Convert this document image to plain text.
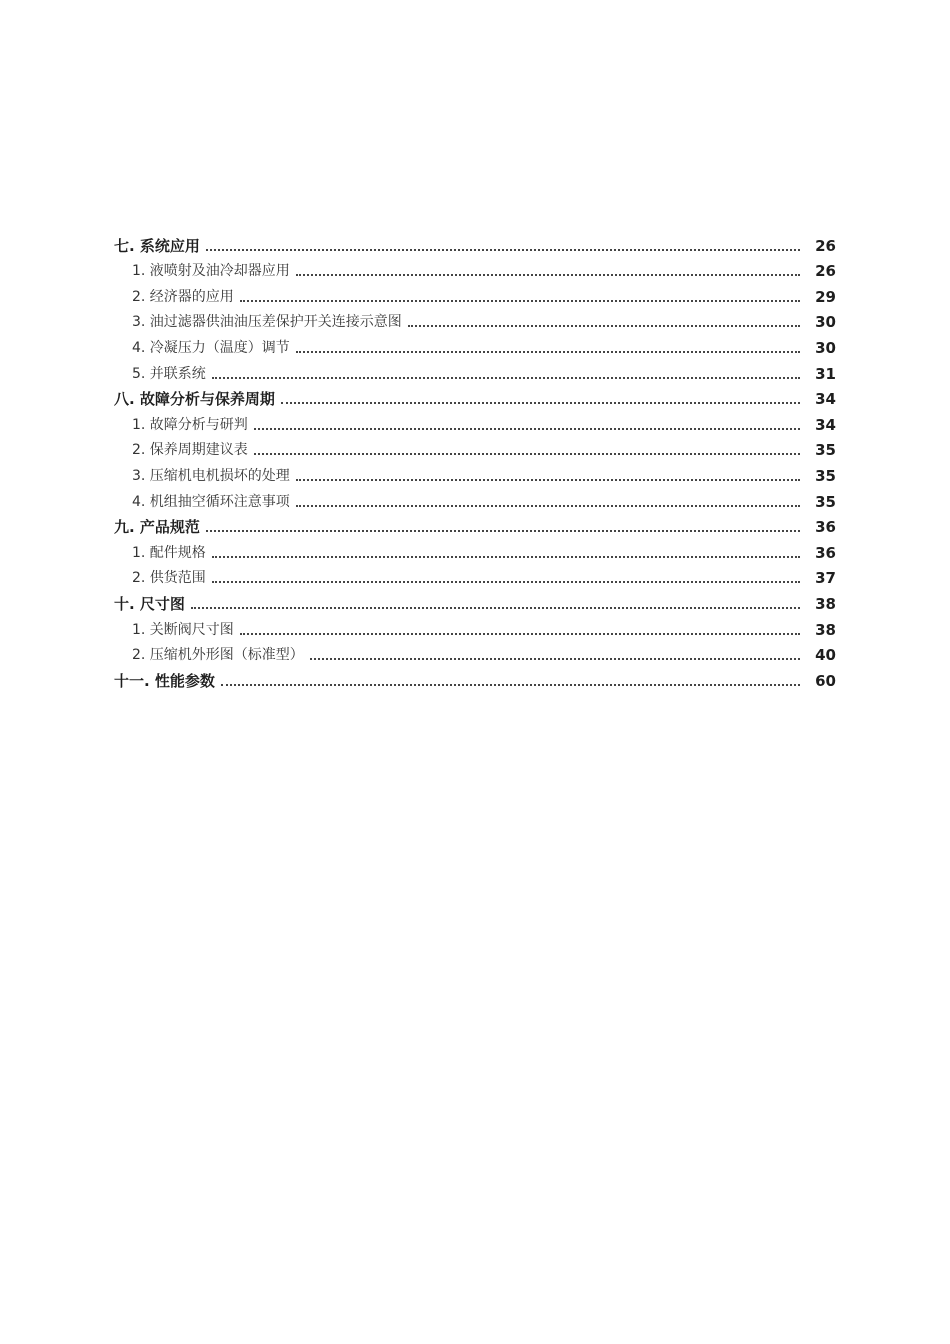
七. 系统应用	26
1. 液喷射及油冷却器应用	26
2. 经济器的应用	29
3. 油过滤器供油油压差保护开关连接示意图	30
4. 冷凝压力（温度）调节	30
5. 并联系统	31
八. 故障分析与保养周期	34
1. 故障分析与研判	34
2. 保养周期建议表	35
3. 压缩机电机损坏的处理	35
4. 机组抽空循环注意事项	35
九. 产品规范	36
1. 配件规格	36
2. 供货范围	37
十. 尺寸图	38
1. 关断阀尺寸图	38
2. 压缩机外形图（标准型）	40
十一. 性能参数	60
